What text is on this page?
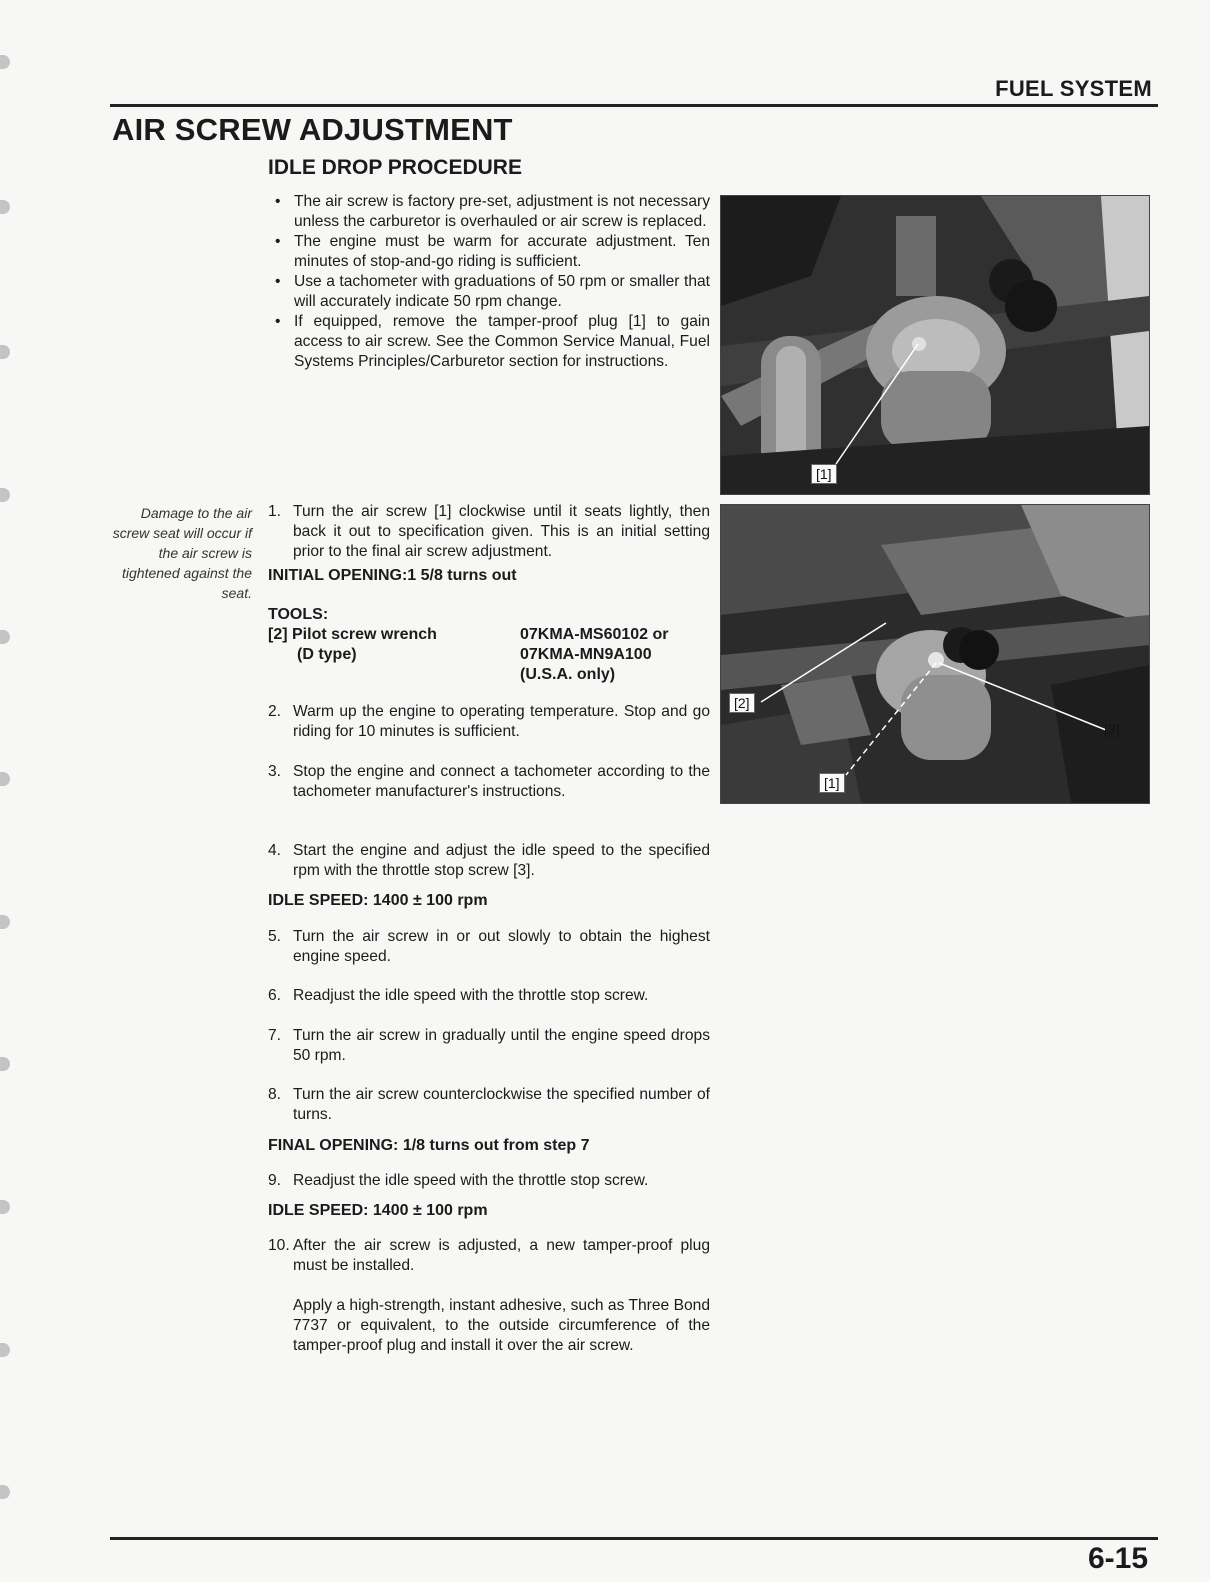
FUEL SYSTEM
AIR SCREW ADJUSTMENT
IDLE DROP PROCEDURE
• The air screw is factory pre-set, adjustment is not necessary unless the carburetor is overhauled or air screw is replaced.
• The engine must be warm for accurate adjustment. Ten minutes of stop-and-go riding is sufficient.
• Use a tachometer with graduations of 50 rpm or smaller that will accurately indicate 50 rpm change.
• If equipped, remove the tamper-proof plug [1] to gain access to air screw. See the Common Service Manual, Fuel Systems Principles/Carburetor section for instructions.
Damage to the air screw seat will occur if the air screw is tightened against the seat.
1. Turn the air screw [1] clockwise until it seats lightly, then back it out to specification given. This is an initial setting prior to the final air screw adjustment.
INITIAL OPENING:1 5/8 turns out
TOOLS:
[2] Pilot screw wrench	07KMA-MS60102 or
(D type)	07KMA-MN9A100
(U.S.A. only)
2. Warm up the engine to operating temperature. Stop and go riding for 10 minutes is sufficient.
3. Stop the engine and connect a tachometer according to the tachometer manufacturer's instructions.
4. Start the engine and adjust the idle speed to the specified rpm with the throttle stop screw [3].
IDLE SPEED: 1400 ± 100 rpm
5. Turn the air screw in or out slowly to obtain the highest engine speed.
6. Readjust the idle speed with the throttle stop screw.
7. Turn the air screw in gradually until the engine speed drops 50 rpm.
8. Turn the air screw counterclockwise the specified number of turns.
FINAL OPENING: 1/8 turns out from step 7
9. Readjust the idle speed with the throttle stop screw.
IDLE SPEED: 1400 ± 100 rpm
10. After the air screw is adjusted, a new tamper-proof plug must be installed.
Apply a high-strength, instant adhesive, such as Three Bond 7737 or equivalent, to the outside circumference of the tamper-proof plug and install it over the air screw.
[1]
[1]
[2]
[3]
6-15
